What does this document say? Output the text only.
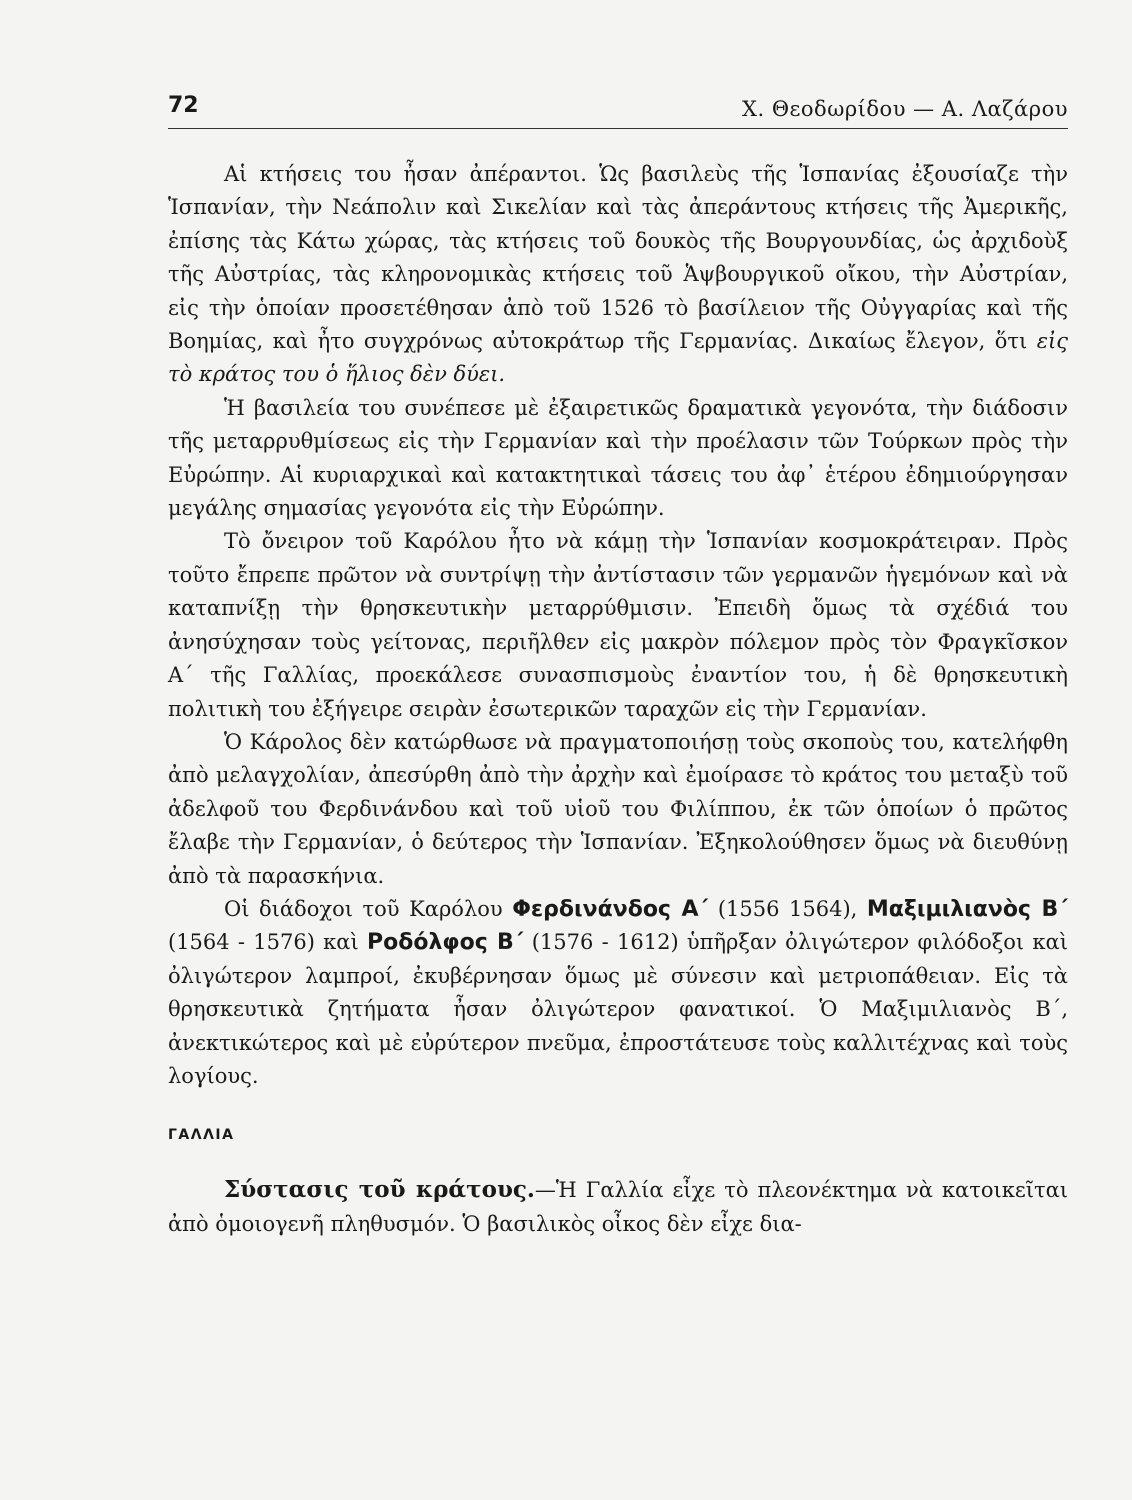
72	Χ. Θεοδωρίδου — Α. Λαζάρου

Αἱ κτήσεις του ἦσαν ἀπέραντοι. Ὡς βασιλεὺς τῆς Ἱσπανίας ἐξουσίαζε τὴν Ἱσπανίαν, τὴν Νεάπολιν καὶ Σικελίαν καὶ τὰς ἀπεράντους κτήσεις τῆς Ἀμερικῆς, ἐπίσης τὰς Κάτω χώρας, τὰς κτήσεις τοῦ δουκὸς τῆς Βουργουνδίας, ὡς ἀρχιδοὺξ τῆς Αὐστρίας, τὰς κληρονομικὰς κτήσεις τοῦ Ἁψβουργικοῦ οἴκου, τὴν Αὐστρίαν, εἰς τὴν ὁποίαν προσετέθησαν ἀπὸ τοῦ 1526 τὸ βασίλειον τῆς Οὐγγαρίας καὶ τῆς Βοημίας, καὶ ἦτο συγχρόνως αὐτοκράτωρ τῆς Γερμανίας. Δικαίως ἔλεγον, ὅτι εἰς τὸ κράτος του ὁ ἥλιος δὲν δύει.

Ἡ βασιλεία του συνέπεσε μὲ ἐξαιρετικῶς δραματικὰ γεγονότα, τὴν διάδοσιν τῆς μεταρρυθμίσεως εἰς τὴν Γερμανίαν καὶ τὴν προέλασιν τῶν Τούρκων πρὸς τὴν Εὐρώπην. Αἱ κυριαρχικαὶ καὶ κατακτητικαὶ τάσεις του ἀφ᾿ ἑτέρου ἐδημιούργησαν μεγάλης σημασίας γεγονότα εἰς τὴν Εὐρώπην.

Τὸ ὄνειρον τοῦ Καρόλου ἦτο νὰ κάμῃ τὴν Ἱσπανίαν κοσμοκράτειραν. Πρὸς τοῦτο ἔπρεπε πρῶτον νὰ συντρίψῃ τὴν ἀντίστασιν τῶν γερμανῶν ἡγεμόνων καὶ νὰ καταπνίξῃ τὴν θρησκευτικὴν μεταρρύθμισιν. Ἐπειδὴ ὅμως τὰ σχέδιά του ἀνησύχησαν τοὺς γείτονας, περιῆλθεν εἰς μακρὸν πόλεμον πρὸς τὸν Φραγκῖσκον Α΄ τῆς Γαλλίας, προεκάλεσε συνασπισμοὺς ἐναντίον του, ἡ δὲ θρησκευτικὴ πολιτικὴ του ἐξήγειρε σειρὰν ἐσωτερικῶν ταραχῶν εἰς τὴν Γερμανίαν.

Ὁ Κάρολος δὲν κατώρθωσε νὰ πραγματοποιήσῃ τοὺς σκοποὺς του, κατελήφθη ἀπὸ μελαγχολίαν, ἀπεσύρθη ἀπὸ τὴν ἀρχὴν καὶ ἐμοίρασε τὸ κράτος του μεταξὺ τοῦ ἀδελφοῦ του Φερδινάνδου καὶ τοῦ υἱοῦ του Φιλίππου, ἐκ τῶν ὁποίων ὁ πρῶτος ἔλαβε τὴν Γερμανίαν, ὁ δεύτερος τὴν Ἱσπανίαν. Ἐξηκολούθησεν ὅμως νὰ διευθύνῃ ἀπὸ τὰ παρασκήνια.

Οἱ διάδοχοι τοῦ Καρόλου Φερδινάνδος Α΄ (1556 1564), Μαξιμιλιανὸς Β΄ (1564 - 1576) καὶ Ροδόλφος Β΄ (1576 - 1612) ὑπῆρξαν ὀλιγώτερον φιλόδοξοι καὶ ὀλιγώτερον λαμπροί, ἐκυβέρνησαν ὅμως μὲ σύνεσιν καὶ μετριοπάθειαν. Εἰς τὰ θρησκευτικὰ ζητήματα ἦσαν ὀλιγώτερον φανατικοί. Ὁ Μαξιμιλιανὸς Β΄, ἀνεκτικώτερος καὶ μὲ εὐρύτερον πνεῦμα, ἐπροστάτευσε τοὺς καλλιτέχνας καὶ τοὺς λογίους.

ΓΑΛΛΙΑ

Σύστασις τοῦ κράτους.—Ἡ Γαλλία εἶχε τὸ πλεονέκτημα νὰ κατοικεῖται ἀπὸ ὁμοιογενῆ πληθυσμόν. Ὁ βασιλικὸς οἶκος δὲν εἶχε δια-
